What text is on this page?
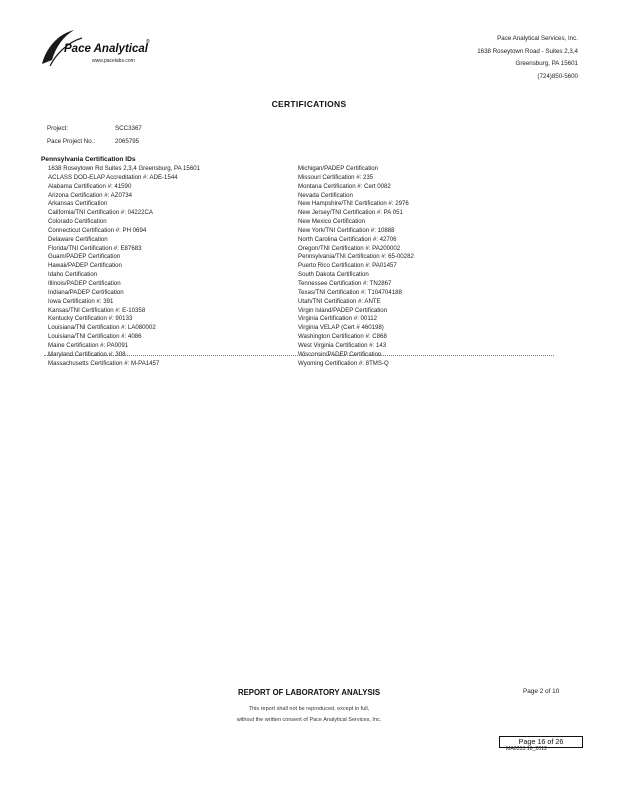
Pace Analytical
®
www.pacelabs.com
Pace Analytical Services, Inc.
1638 Roseytown Road - Suites 2,3,4
Greensburg, PA 15601
(724)850-5600
CERTIFICATIONS
Project:	SCC3367
Pace Project No.:	2065795
Pennsylvania Certification IDs
1638 Roseytown Rd Suites 2,3,4 Greensburg, PA 15601
ACLASS DOD-ELAP Accreditation #: ADE-1544
Alabama Certification #: 41590
Arizona Certification #: AZ0734
Arkansas Certification
California/TNI Certification #: 04222CA
Colorado Certification
Connecticut Certification #: PH 0694
Delaware Certification
Florida/TNI Certification #: E87683
Guam/PADEP Certification
Hawaii/PADEP Certification
Idaho Certification
Illinois/PADEP Certification
Indiana/PADEP Certification
Iowa Certification #: 391
Kansas/TNI Certification #: E-10358
Kentucky Certification #: 90133
Louisiana/TNI Certification #: LA080002
Louisiana/TNI Certification #: 4086
Maine Certification #: PA0091
Maryland Certification #: 308
Massachusetts Certification #: M-PA1457
Michigan/PADEP Certification
Missouri Certification #: 235
Montana Certification #: Cert 0082
Nevada Certification
New Hampshire/TNI Certification #: 2976
New Jersey/TNI Certification #: PA 051
New Mexico Certification
New York/TNI Certification #: 10888
North Carolina Certification #: 42706
Oregon/TNI Certification #: PA200002
Pennsylvania/TNI Certification #: 65-00282
Puerto Rico Certification #: PA01457
South Dakota Certification
Tennessee Certification #: TN2867
Texas/TNI Certification #: T104704188
Utah/TNI Certification #: ANTE
Virgin Island/PADEP Certification
Virginia Certification #: 00112
Virginia VELAP (Cert # 460198)
Washington Certification #: C868
West Virginia Certification #: 143
Wisconsin/PADEP Certification
Wyoming Certification #: 8TMS-Q
REPORT OF LABORATORY ANALYSIS	Page 2 of 10
This report shall not be reproduced, except in full,
without the written consent of Pace Analytical Services, Inc.
Page 16 of 26
MA0313.16_2012
